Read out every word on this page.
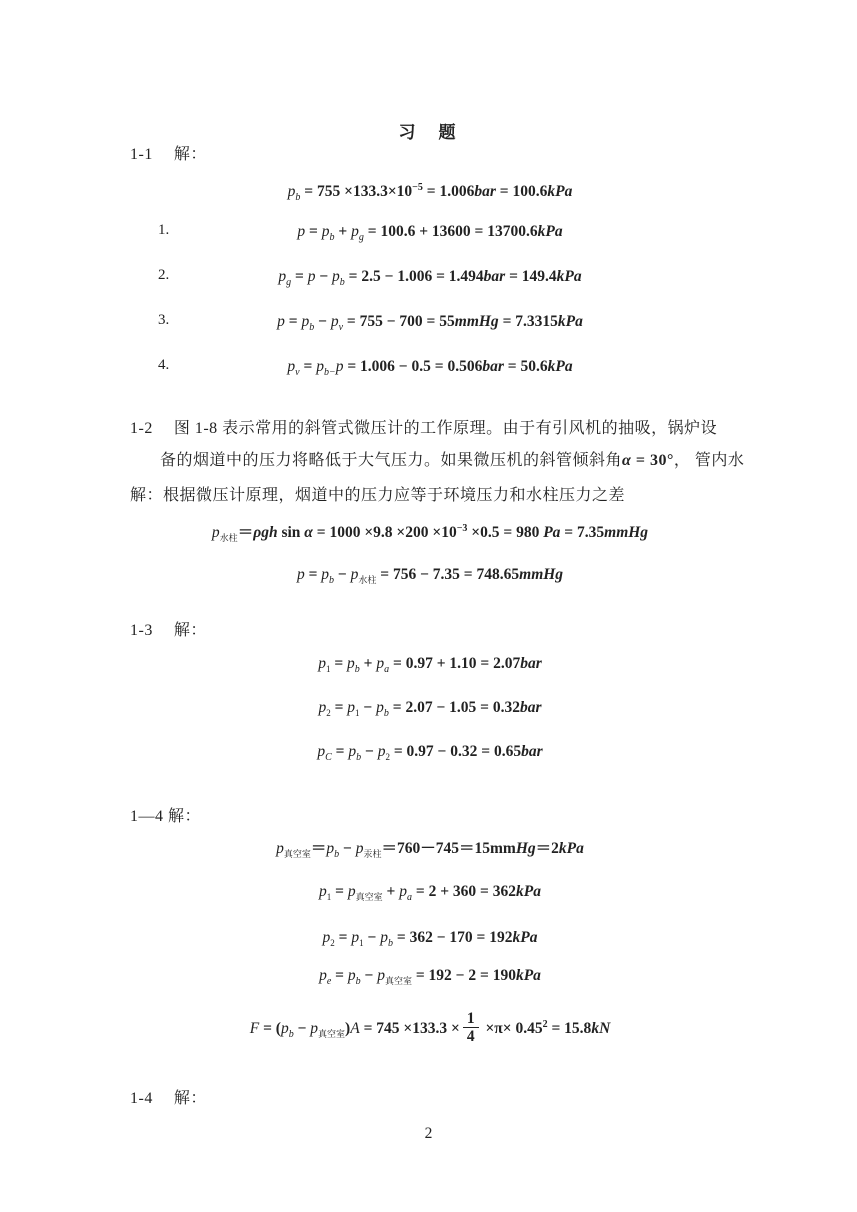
习　题
1-1　 解：
$p_b = 755 \times 133.3\times 10^{-5} = 1.006bar = 100.6kPa$
1.	$p = p_b + p_g = 100.6 + 13600 = 13700.6kPa$
2.	$p_g = p - p_b = 2.5 - 1.006 = 1.494bar = 149.4kPa$
3.	$p = p_b - p_v = 755 - 700$ = 55mmHg = 7.3315kPa
4.	$p_v = p_{b-}p = 1.006 - 0.5 = 0.506bar = 50.6kPa$
1-2　 图 1-8 表示常用的斜管式微压计的工作原理。由于有引风机的抽吸，锅炉设
备的烟道中的压力将略低于大气压力。如果微压机的斜管倾斜角α = 30°， 管内水
解：根据微压计原理，烟道中的压力应等于环境压力和水柱压力之差
$p_{水柱}=\rho gh$ $\sin \alpha = 1000 \times 9.8 \times 200 \times 10^{-3} \times 0.5 = 980$ Pa = 7.35mmHg
$p = p_b - p_{水柱} = 756 - 7.35$ = 748.65mmHg
1-3　 解：
$p_1 = p_b + p_a = 0.97 + 1.10 = 2.07bar$
$p_2 = p_1 - p_b = 2.07 - 1.05 = 0.32bar$
$p_C = p_b - p_2 = 0.97 - 0.32 = 0.65bar$
1—4 解：
$p_{真空室}=p_b$ − $p_{汞柱}=760-745=15mmHg=2kPa$
$p_1 = p_{真空室} + p_a = 2 + 360 = 362kPa$
$p_2 = p_1 - p_b = 362 - 170 = 192kPa$
$p_e = p_b - p_{真空室} = 192 - 2 = 190kPa$
$F = (p_b - p_{真空室})A = 745 \times 133.3 \times \frac{1}{4} \times\pi\times 0.45^2 = 15.8kN$
1-4　 解：
2
